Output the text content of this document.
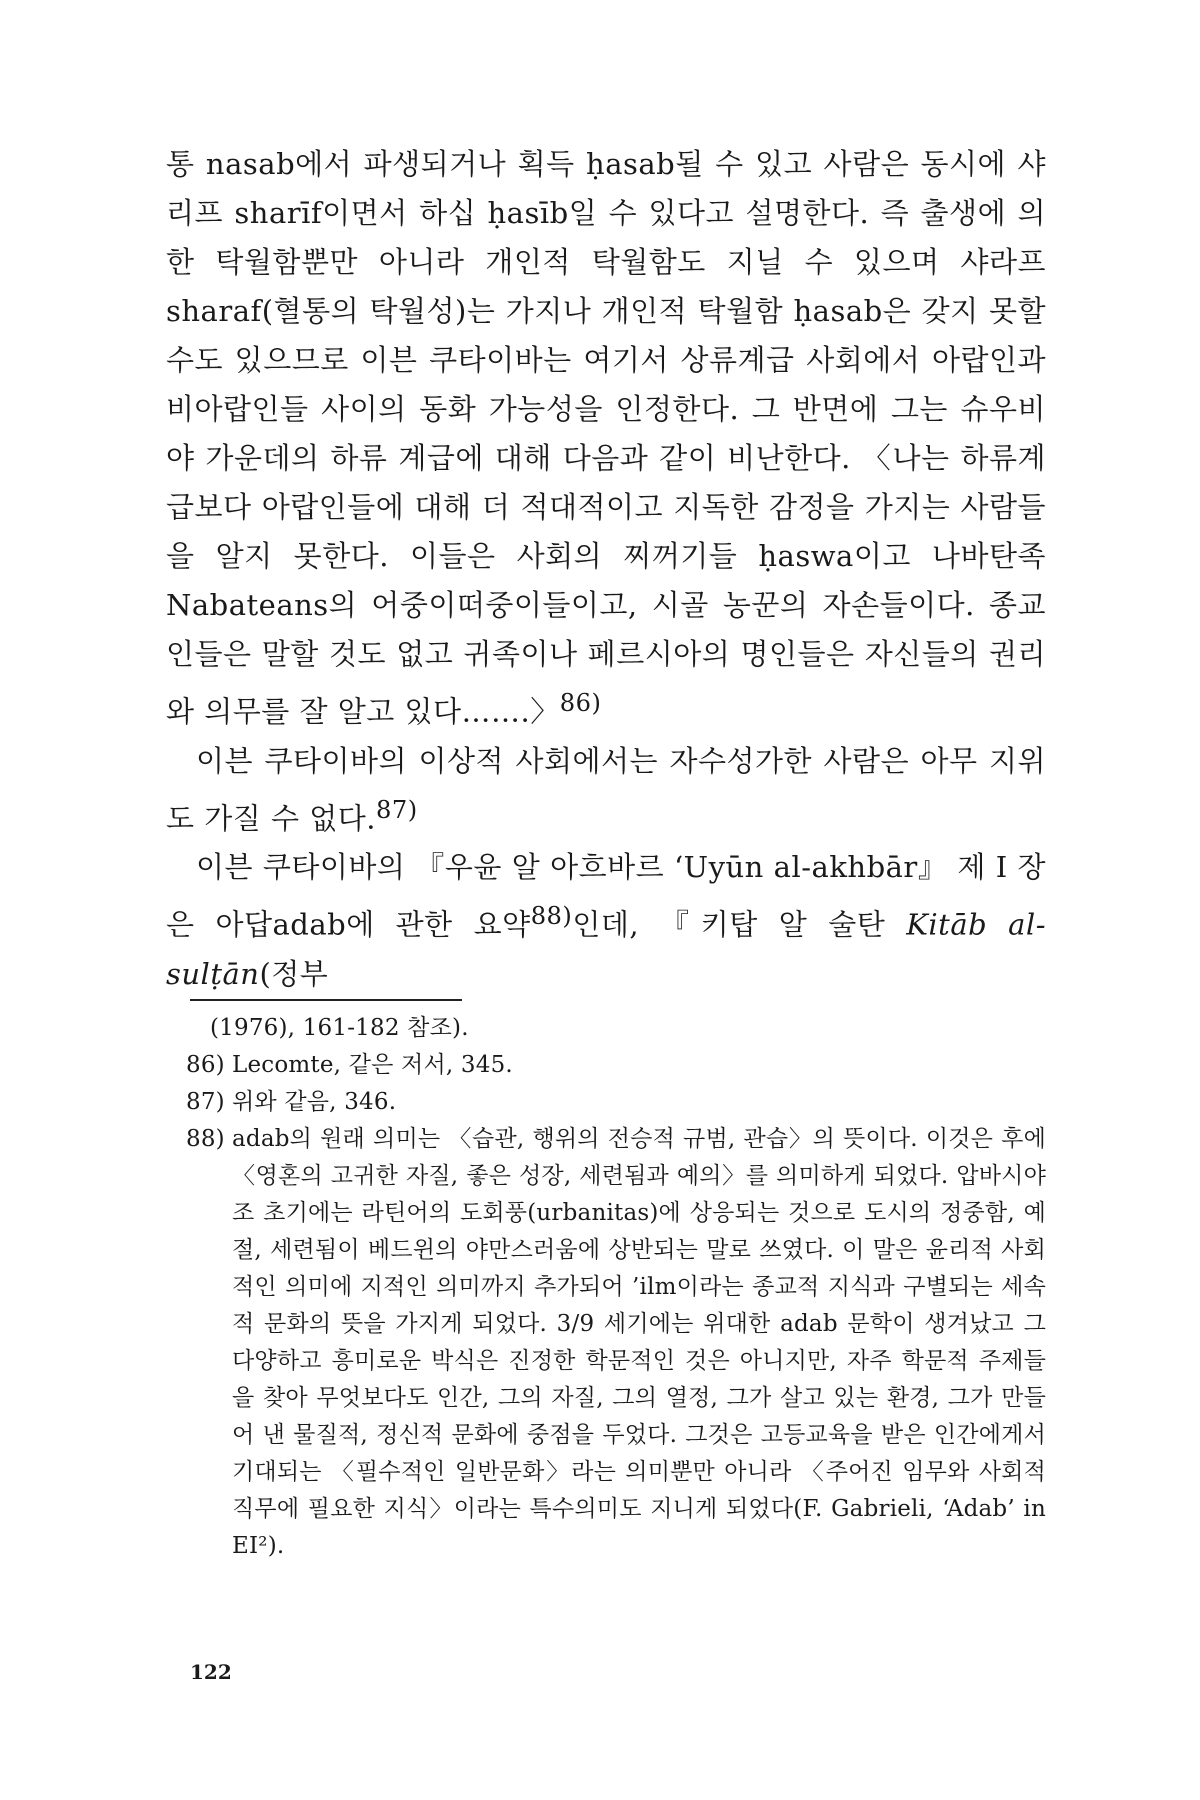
통 nasab에서 파생되거나 획득 ḥasab될 수 있고 사람은 동시에 샤리프 sharīf이면서 하십 ḥasīb일 수 있다고 설명한다. 즉 출생에 의한 탁월함뿐만 아니라 개인적 탁월함도 지닐 수 있으며 샤라프 sharaf(혈통의 탁월성)는 가지나 개인적 탁월함 ḥasab은 갖지 못할 수도 있으므로 이븐 쿠타이바는 여기서 상류계급 사회에서 아랍인과 비아랍인들 사이의 동화 가능성을 인정한다. 그 반면에 그는 슈우비야 가운데의 하류 계급에 대해 다음과 같이 비난한다. 〈나는 하류계급보다 아랍인들에 대해 더 적대적이고 지독한 감정을 가지는 사람들을 알지 못한다. 이들은 사회의 찌꺼기들 ḥaswa이고 나바탄족 Nabateans의 어중이떠중이들이고, 시골 농꾼의 자손들이다. 종교인들은 말할 것도 없고 귀족이나 페르시아의 명인들은 자신들의 권리와 의무를 잘 알고 있다…….〉$^{86)}$

이븐 쿠타이바의 이상적 사회에서는 자수성가한 사람은 아무 지위도 가질 수 없다.$^{87)}$

이븐 쿠타이바의 『우윤 알 아흐바르 ‘Uyūn al-akhbār』 제 I 장은 아답adab에 관한 요약$^{88)}$인데, 『키탑 알 술탄 Kitāb al-sulṭān(정부

(1976), 161-182 참조).

86) Lecomte, 같은 저서, 345.
87) 위와 같음, 346.
88) adab의 원래 의미는 〈습관, 행위의 전승적 규범, 관습〉의 뜻이다. 이것은 후에 〈영혼의 고귀한 자질, 좋은 성장, 세련됨과 예의〉를 의미하게 되었다. 압바시야조 초기에는 라틴어의 도회풍(urbanitas)에 상응되는 것으로 도시의 정중함, 예절, 세련됨이 베드윈의 야만스러움에 상반되는 말로 쓰였다. 이 말은 윤리적 사회적인 의미에 지적인 의미까지 추가되어 ’ilm이라는 종교적 지식과 구별되는 세속적 문화의 뜻을 가지게 되었다. 3/9 세기에는 위대한 adab 문학이 생겨났고 그 다양하고 흥미로운 박식은 진정한 학문적인 것은 아니지만, 자주 학문적 주제들을 찾아 무엇보다도 인간, 그의 자질, 그의 열정, 그가 살고 있는 환경, 그가 만들어 낸 물질적, 정신적 문화에 중점을 두었다. 그것은 고등교육을 받은 인간에게서 기대되는 〈필수적인 일반문화〉라는 의미뿐만 아니라 〈주어진 임무와 사회적 직무에 필요한 지식〉이라는 특수의미도 지니게 되었다(F. Gabrieli, ‘Adab’ in EI²).
122
